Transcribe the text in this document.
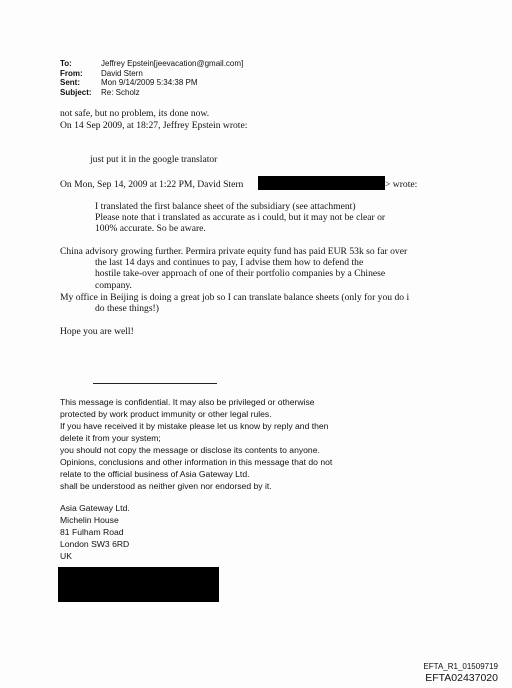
To:	Jeffrey Epstein[jeevacation@gmail.com]
From:	David Stern
Sent:	Mon 9/14/2009 5:34:38 PM
Subject:	Re: Scholz
not safe, but no problem, its done now.
On 14 Sep 2009, at 18:27, Jeffrey Epstein wrote:
just put it in the google translator
On Mon, Sep 14, 2009 at 1:22 PM, David Stern	> wrote:
I translated the first balance sheet of the subsidiary (see attachment)
Please note that i translated as accurate as i could, but it may not be clear or
100% accurate. So be aware.
China advisory growing further. Permira private equity fund has paid EUR 53k so far over
the last 14 days and continues to pay, I advise them how to defend the
hostile take-over approach of one of their portfolio companies by a Chinese
company.
My office in Beijing is doing a great job so I can translate balance sheets (only for you do i
do these things!)
Hope you are well!
This message is confidential. It may also be privileged or otherwise
protected by work product immunity or other legal rules.
If you have received it by mistake please let us know by reply and then
delete it from your system;
you should not copy the message or disclose its contents to anyone.
Opinions, conclusions and other information in this message that do not
relate to the official business of Asia Gateway Ltd.
shall be understood as neither given nor endorsed by it.
Asia Gateway Ltd.
Michelin House
81 Fulham Road
London SW3 6RD
UK
EFTA_R1_01509719
EFTA02437020
